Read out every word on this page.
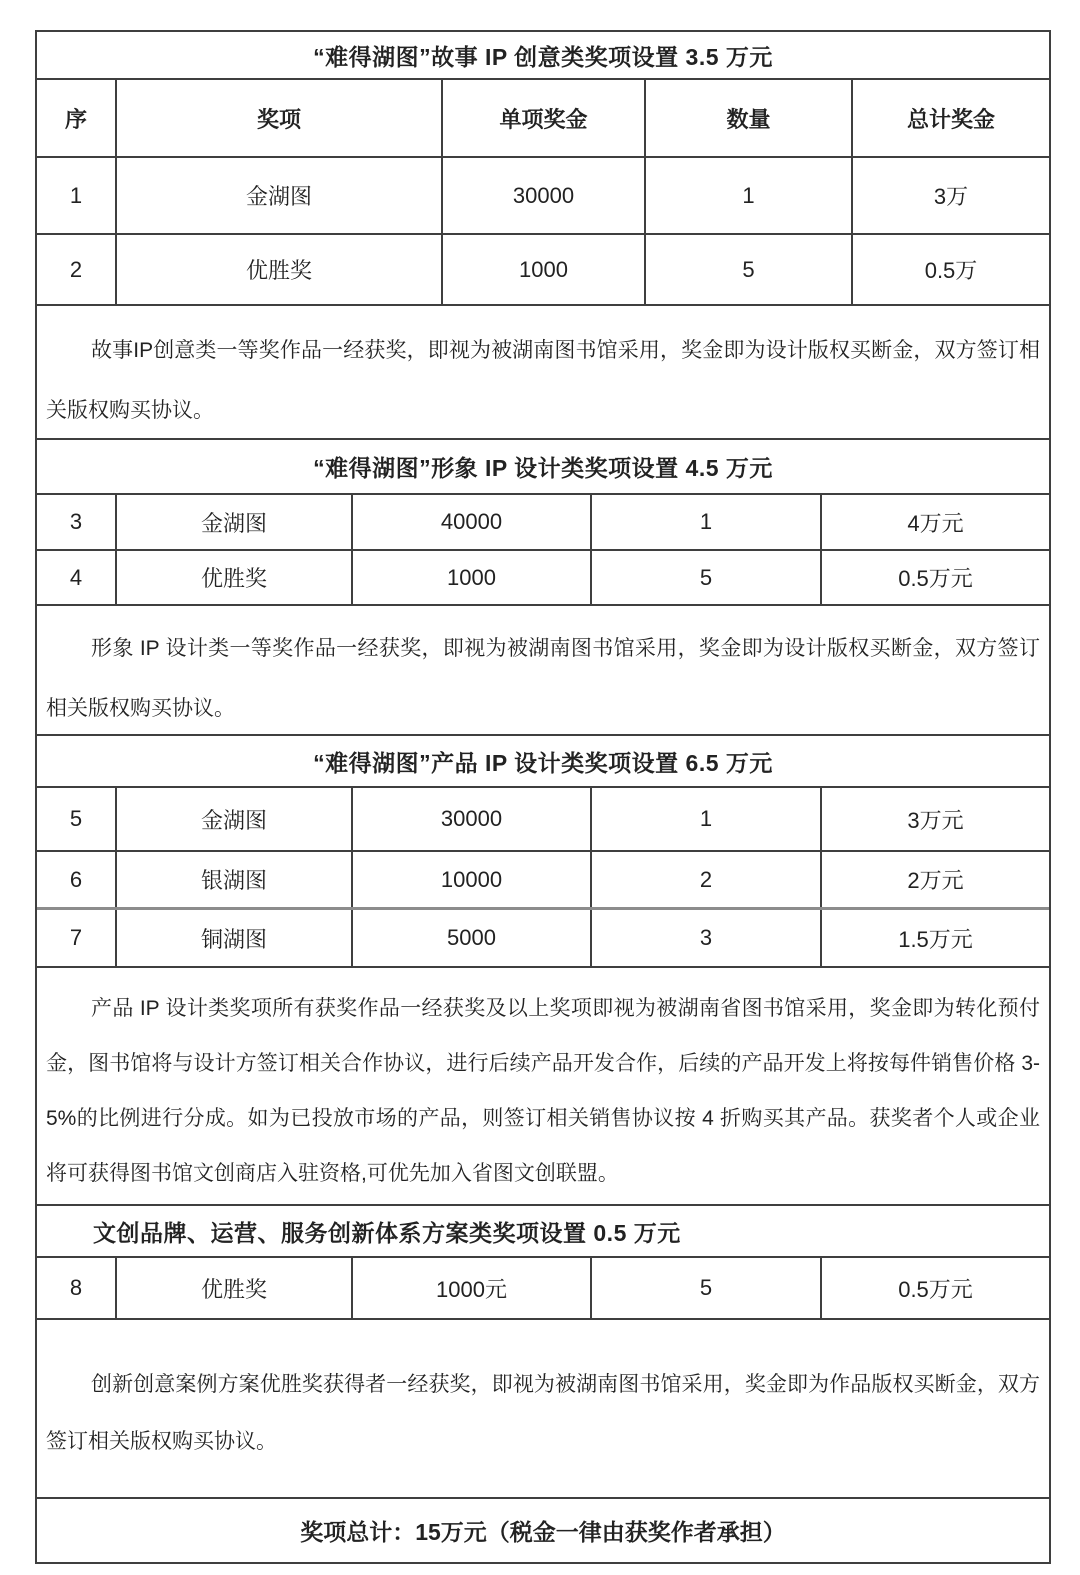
“难得湖图”故事 IP 创意类奖项设置 3.5 万元
序	奖项	单项奖金	数量	总计奖金
1	金湖图	30000	1	3万
2	优胜奖	1000	5	0.5万
故事IP创意类一等奖作品一经获奖，即视为被湖南图书馆采用，奖金即为设计版权买断金，双方签订相关版权购买协议。
“难得湖图”形象 IP 设计类奖项设置 4.5 万元
3	金湖图	40000	1	4万元
4	优胜奖	1000	5	0.5万元
形象 IP 设计类一等奖作品一经获奖，即视为被湖南图书馆采用，奖金即为设计版权买断金，双方签订相关版权购买协议。
“难得湖图”产品 IP 设计类奖项设置 6.5 万元
5	金湖图	30000	1	3万元
6	银湖图	10000	2	2万元
7	铜湖图	5000	3	1.5万元
产品 IP 设计类奖项所有获奖作品一经获奖及以上奖项即视为被湖南省图书馆采用，奖金即为转化预付金，图书馆将与设计方签订相关合作协议，进行后续产品开发合作，后续的产品开发上将按每件销售价格 3-5%的比例进行分成。如为已投放市场的产品，则签订相关销售协议按 4 折购买其产品。获奖者个人或企业将可获得图书馆文创商店入驻资格,可优先加入省图文创联盟。
文创品牌、运营、服务创新体系方案类奖项设置 0.5 万元
8	优胜奖	1000元	5	0.5万元
创新创意案例方案优胜奖获得者一经获奖，即视为被湖南图书馆采用，奖金即为作品版权买断金，双方签订相关版权购买协议。
奖项总计：15万元（税金一律由获奖作者承担）
